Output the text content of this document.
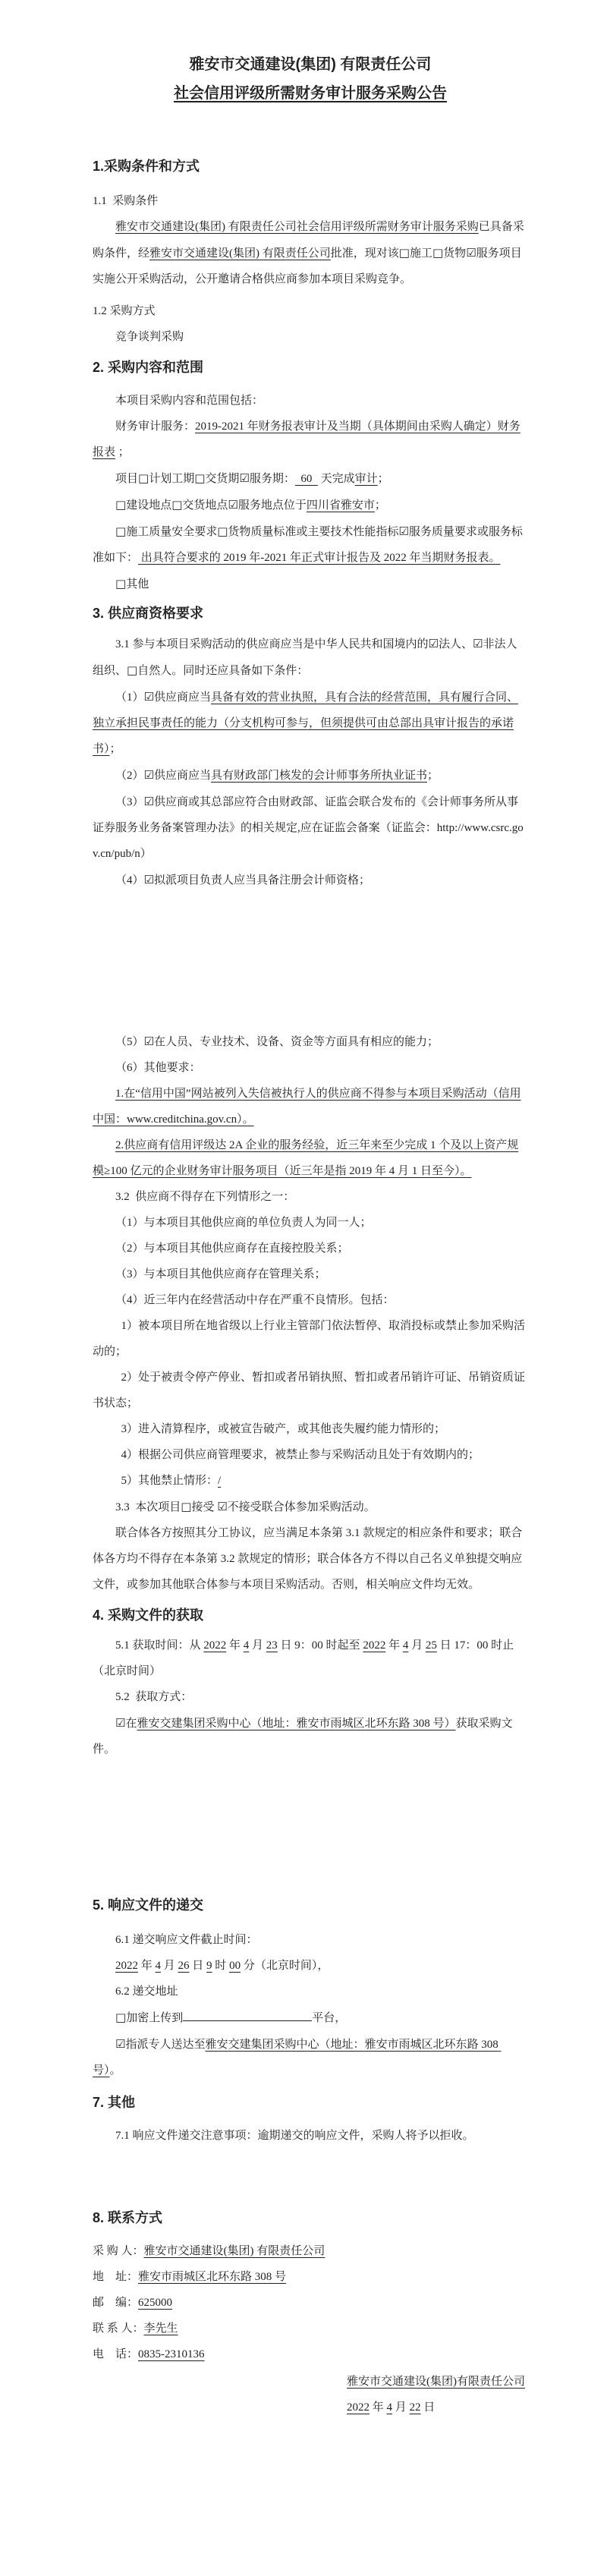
雅安市交通建设(集团) 有限责任公司
社会信用评级所需财务审计服务采购公告
1.采购条件和方式
1.1  采购条件
雅安市交通建设(集团) 有限责任公司社会信用评级所需财务审计服务采购已具备采购条件，经雅安市交通建设(集团) 有限责任公司批准，现对该□施工□货物☑服务项目实施公开采购活动，公开邀请合格供应商参加本项目采购竞争。
1.2 采购方式
竞争谈判采购
2. 采购内容和范围
本项目采购内容和范围包括：
财务审计服务：2019-2021 年财务报表审计及当期（具体期间由采购人确定）财务报表 ；
项目□计划工期□交货期☑服务期：  60   天完成审计；
□建设地点□交货地点☑服务地点位于四川省雅安市；
□施工质量安全要求□货物质量标准或主要技术性能指标☑服务质量要求或服务标准如下： 出具符合要求的 2019 年-2021 年正式审计报告及 2022 年当期财务报表。
□其他
3. 供应商资格要求
3.1 参与本项目采购活动的供应商应当是中华人民共和国境内的☑法人、☑非法人组织、□自然人。同时还应具备如下条件：
（1）☑供应商应当具备有效的营业执照，具有合法的经营范围，具有履行合同、独立承担民事责任的能力（分支机构可参与，但须提供可由总部出具审计报告的承诺书）；
（2）☑供应商应当具有财政部门核发的会计师事务所执业证书；
（3）☑供应商或其总部应符合由财政部、证监会联合发布的《会计师事务所从事证券服务业务备案管理办法》的相关规定,应在证监会备案（证监会：http://www.csrc.gov.cn/pub/n）
（4）☑拟派项目负责人应当具备注册会计师资格；
（5）☑在人员、专业技术、设备、资金等方面具有相应的能力；
（6）其他要求：
1.在“信用中国”网站被列入失信被执行人的供应商不得参与本项目采购活动（信用中国：www.creditchina.gov.cn）。
2.供应商有信用评级达 2A 企业的服务经验，近三年来至少完成 1 个及以上资产规模≥100 亿元的企业财务审计服务项目（近三年是指 2019 年 4 月 1 日至今）。
3.2  供应商不得存在下列情形之一：
（1）与本项目其他供应商的单位负责人为同一人；
（2）与本项目其他供应商存在直接控股关系；
（3）与本项目其他供应商存在管理关系；
（4）近三年内在经营活动中存在严重不良情形。包括：
1）被本项目所在地省级以上行业主管部门依法暂停、取消投标或禁止参加采购活动的；
2）处于被责令停产停业、暂扣或者吊销执照、暂扣或者吊销许可证、吊销资质证书状态；
3）进入清算程序，或被宣告破产，或其他丧失履约能力情形的；
4）根据公司供应商管理要求，被禁止参与采购活动且处于有效期内的；
5）其他禁止情形：/
3.3  本次项目□接受 ☑不接受联合体参加采购活动。
联合体各方按照其分工协议，应当满足本条第 3.1 款规定的相应条件和要求；联合体各方均不得存在本条第 3.2 款规定的情形；联合体各方不得以自己名义单独提交响应文件，或参加其他联合体参与本项目采购活动。否则，相关响应文件均无效。
4. 采购文件的获取
5.1 获取时间：从 2022 年 4 月 23 日 9：00 时起至 2022 年 4 月 25 日 17：00 时止（北京时间）
5.2  获取方式：
☑在雅安交建集团采购中心（地址：雅安市雨城区北环东路 308 号）获取采购文件。
5. 响应文件的递交
6.1 递交响应文件截止时间：
2022 年 4 月 26 日 9 时 00 分（北京时间），
6.2 递交地址
□加密上传到	平台，
☑指派专人送达至雅安交建集团采购中心（地址：雅安市雨城区北环东路 308 号）。
7. 其他
7.1 响应文件递交注意事项：逾期递交的响应文件，采购人将予以拒收。
8. 联系方式
采 购 人：雅安市交通建设(集团) 有限责任公司
地    址：雅安市雨城区北环东路 308 号
邮    编：625000
联 系 人：李先生
电    话：0835-2310136
雅安市交通建设(集团)有限责任公司
2022 年 4 月 22 日
